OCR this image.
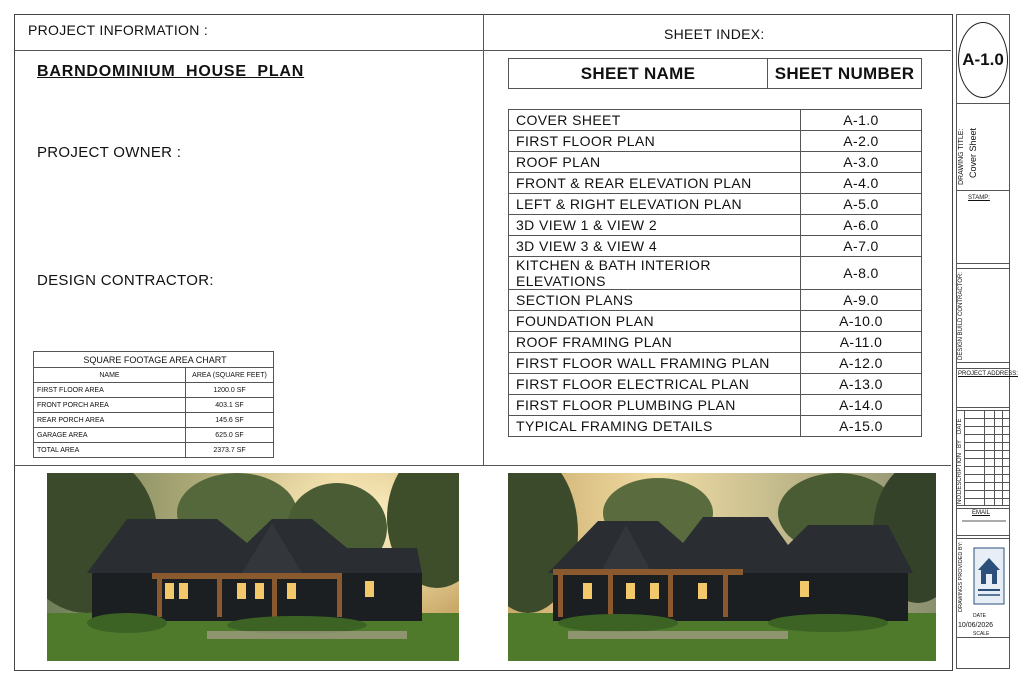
PROJECT INFORMATION :
BARNDOMINIUM  HOUSE  PLAN
PROJECT OWNER :
DESIGN CONTRACTOR:
SQUARE FOOTAGE AREA CHART	
NAME	AREA (SQUARE FEET)
FIRST FLOOR AREA	1200.0 SF
FRONT PORCH AREA	403.1 SF
REAR PORCH AREA	145.6 SF
GARAGE AREA	625.0 SF
TOTAL AREA	2373.7 SF
SHEET INDEX:
SHEET NAME	SHEET NUMBER
COVER SHEET	A-1.0
FIRST FLOOR PLAN	A-2.0
ROOF PLAN	A-3.0
FRONT & REAR ELEVATION PLAN	A-4.0
LEFT & RIGHT ELEVATION PLAN	A-5.0
3D VIEW 1 & VIEW 2	A-6.0
3D VIEW 3 & VIEW 4	A-7.0
KITCHEN & BATH INTERIOR ELEVATIONS	A-8.0
SECTION PLANS	A-9.0
FOUNDATION PLAN	A-10.0
ROOF FRAMING PLAN	A-11.0
FIRST FLOOR WALL FRAMING PLAN	A-12.0
FIRST FLOOR ELECTRICAL PLAN	A-13.0
FIRST FLOOR PLUMBING PLAN	A-14.0
TYPICAL FRAMING DETAILS	A-15.0
A-1.0
DRAWING TITLE: Cover Sheet
STAMP:
DESIGN BUILD CONTRACTOR:
PROJECT ADDRESS:
NO.
DESCRIPTION
BY
DATE
EMAIL
DRAWINGS PROVIDED BY:
DATE
10/06/2026
SCALE
